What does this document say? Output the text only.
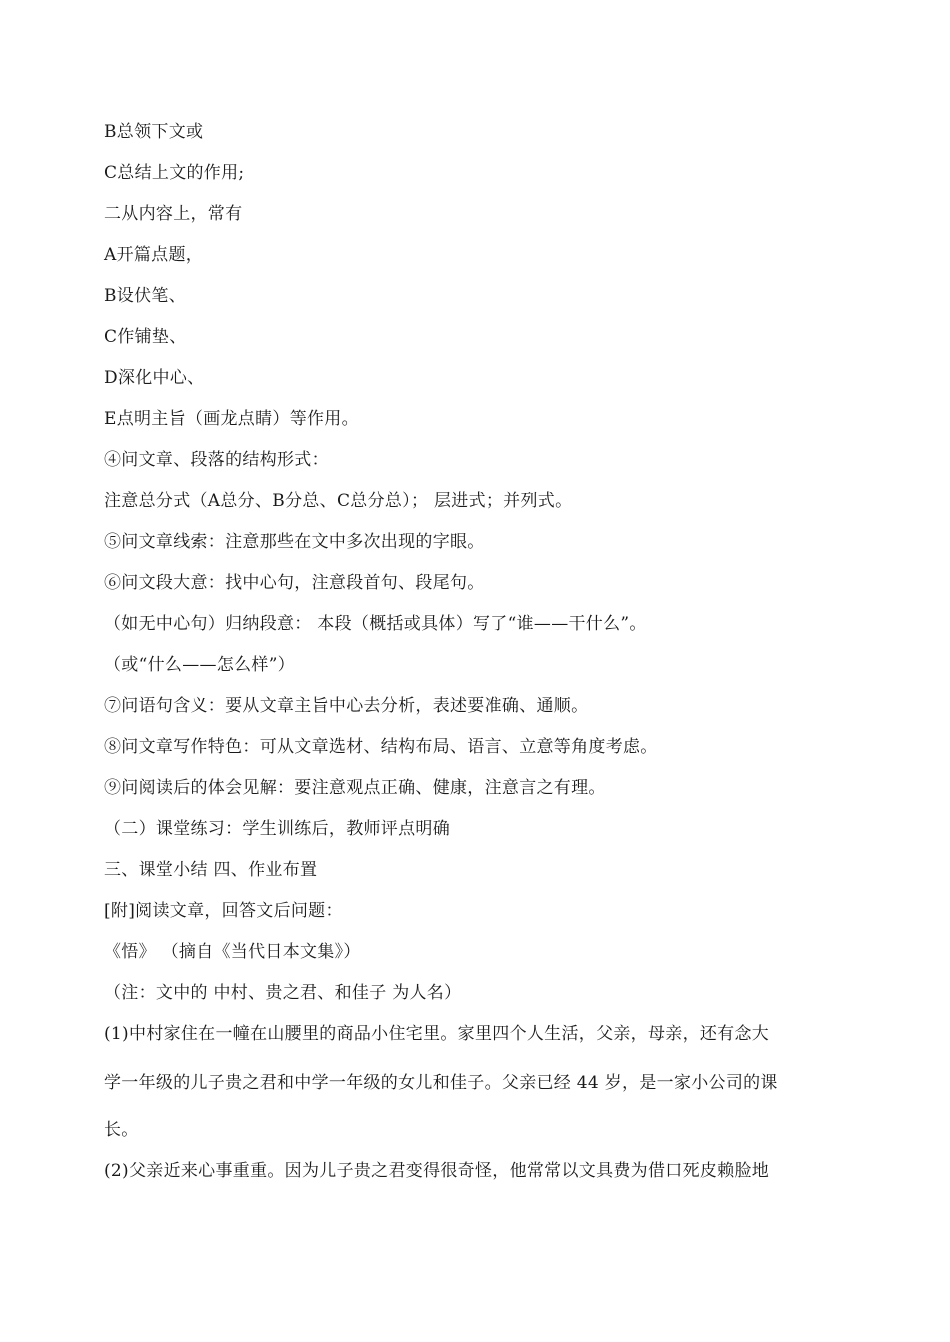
B总领下文或
C总结上文的作用;
二从内容上，常有
A开篇点题，
B设伏笔、
C作铺垫、
D深化中心、
E点明主旨（画龙点睛）等作用。
④问文章、段落的结构形式：
注意总分式（A总分、B分总、C总分总）； 层进式；并列式。
⑤问文章线索：注意那些在文中多次出现的字眼。
⑥问文段大意：找中心句，注意段首句、段尾句。
（如无中心句）归纳段意： 本段（概括或具体）写了“谁——干什么”。
（或“什么——怎么样”）
⑦问语句含义：要从文章主旨中心去分析，表述要准确、通顺。
⑧问文章写作特色：可从文章选材、结构布局、语言、立意等角度考虑。
⑨问阅读后的体会见解：要注意观点正确、健康，注意言之有理。
（二）课堂练习：学生训练后，教师评点明确
三、课堂小结 四、作业布置
[附]阅读文章，回答文后问题：
《悟》 （摘自《当代日本文集》）
（注：文中的 中村、贵之君、和佳子 为人名）
(1)中村家住在一幢在山腰里的商品小住宅里。家里四个人生活，父亲，母亲，还有念大
学一年级的儿子贵之君和中学一年级的女儿和佳子。父亲已经 44 岁，是一家小公司的课
长。
(2)父亲近来心事重重。因为儿子贵之君变得很奇怪，他常常以文具费为借口死皮赖脸地
